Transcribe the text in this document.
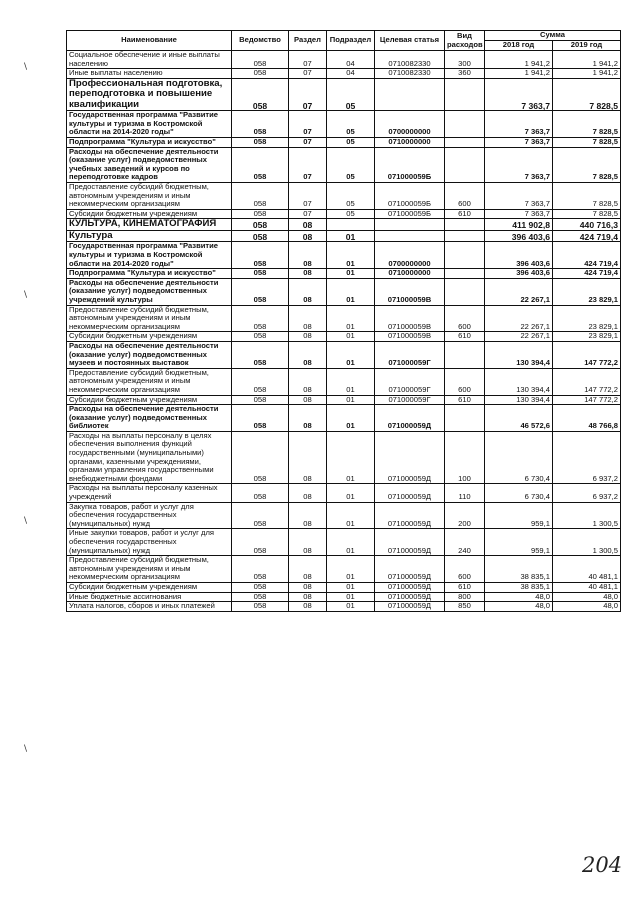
Наименование	Ведомство	Раздел	Подраздел	Целевая статья	Вид расходов	Сумма	
						2018 год	2019 год
Социальное обеспечение и иные выплаты населению	058	07	04	0710082330	300	1 941,2	1 941,2
Иные выплаты населению	058	07	04	0710082330	360	1 941,2	1 941,2
Профессиональная подготовка, переподготовка и повышение квалификации	058	07	05			7 363,7	7 828,5
Государственная программа "Развитие культуры и туризма в Костромской области на 2014-2020 годы"	058	07	05	0700000000		7 363,7	7 828,5
Подпрограмма "Культура и искусство"	058	07	05	0710000000		7 363,7	7 828,5
Расходы на обеспечение деятельности (оказание услуг) подведомственных учебных заведений и курсов по переподготовке кадров	058	07	05	071000059Б		7 363,7	7 828,5
Предоставление субсидий бюджетным, автономным учреждениям и иным некоммерческим организациям	058	07	05	071000059Б	600	7 363,7	7 828,5
Субсидии бюджетным учреждениям	058	07	05	071000059Б	610	7 363,7	7 828,5
КУЛЬТУРА, КИНЕМАТОГРАФИЯ	058	08				411 902,8	440 716,3
Культура	058	08	01			396 403,6	424 719,4
Государственная программа "Развитие культуры и туризма в Костромской области на 2014-2020 годы"	058	08	01	0700000000		396 403,6	424 719,4
Подпрограмма "Культура и искусство"	058	08	01	0710000000		396 403,6	424 719,4
Расходы на обеспечение деятельности (оказание услуг) подведомственных учреждений культуры	058	08	01	071000059В		22 267,1	23 829,1
Предоставление субсидий бюджетным, автономным учреждениям и иным некоммерческим организациям	058	08	01	071000059В	600	22 267,1	23 829,1
Субсидии бюджетным учреждениям	058	08	01	071000059В	610	22 267,1	23 829,1
Расходы на обеспечение деятельности (оказание услуг) подведомственных музеев и постоянных выставок	058	08	01	071000059Г		130 394,4	147 772,2
Предоставление субсидий бюджетным, автономным учреждениям и иным некоммерческим организациям	058	08	01	071000059Г	600	130 394,4	147 772,2
Субсидии бюджетным учреждениям	058	08	01	071000059Г	610	130 394,4	147 772,2
Расходы на обеспечение деятельности (оказание услуг) подведомственных библиотек	058	08	01	071000059Д		46 572,6	48 766,8
Расходы на выплаты персоналу в целях обеспечения выполнения функций государственными (муниципальными) органами, казенными учреждениями, органами управления государственными внебюджетными фондами	058	08	01	071000059Д	100	6 730,4	6 937,2
Расходы на выплаты персоналу казенных учреждений	058	08	01	071000059Д	110	6 730,4	6 937,2
Закупка товаров, работ и услуг для обеспечения государственных (муниципальных) нужд	058	08	01	071000059Д	200	959,1	1 300,5
Иные закупки товаров, работ и услуг для обеспечения государственных (муниципальных) нужд	058	08	01	071000059Д	240	959,1	1 300,5
Предоставление субсидий бюджетным, автономным учреждениям и иным некоммерческим организациям	058	08	01	071000059Д	600	38 835,1	40 481,1
Субсидии бюджетным учреждениям	058	08	01	071000059Д	610	38 835,1	40 481,1
Иные бюджетные ассигнования	058	08	01	071000059Д	800	48,0	48,0
Уплата налогов, сборов и иных платежей	058	08	01	071000059Д	850	48,0	48,0
\
\
\
\
204
